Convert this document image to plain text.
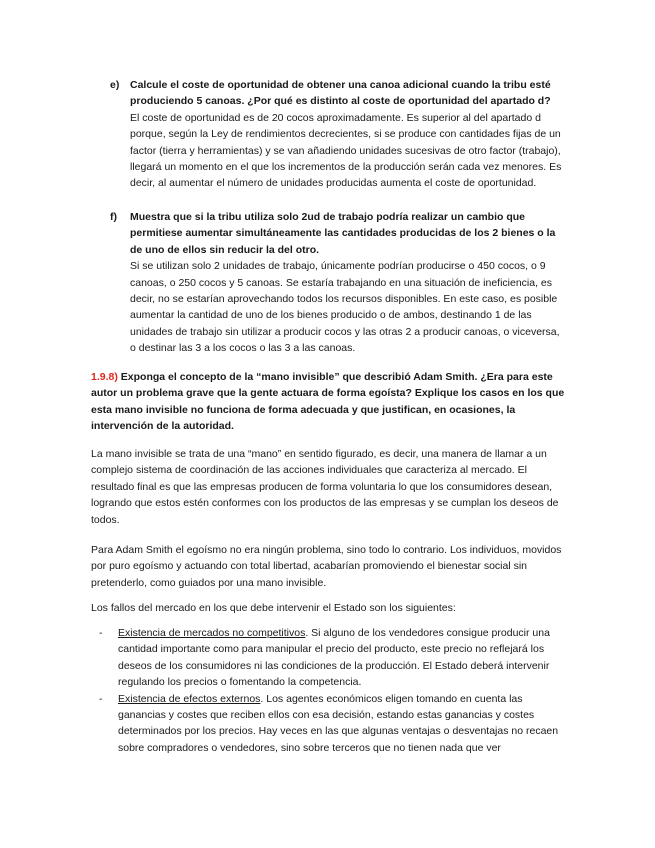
e) Calcule el coste de oportunidad de obtener una canoa adicional cuando la tribu esté produciendo 5 canoas. ¿Por qué es distinto al coste de oportunidad del apartado d?
El coste de oportunidad es de 20 cocos aproximadamente. Es superior al del apartado d porque, según la Ley de rendimientos decrecientes, si se produce con cantidades fijas de un factor (tierra y herramientas) y se van añadiendo unidades sucesivas de otro factor (trabajo), llegará un momento en el que los incrementos de la producción serán cada vez menores. Es decir, al aumentar el número de unidades producidas aumenta el coste de oportunidad.
f) Muestra que si la tribu utiliza solo 2ud de trabajo podría realizar un cambio que permitiese aumentar simultáneamente las cantidades producidas de los 2 bienes o la de uno de ellos sin reducir la del otro.
Si se utilizan solo 2 unidades de trabajo, únicamente podrían producirse o 450 cocos, o 9 canoas, o 250 cocos y 5 canoas. Se estaría trabajando en una situación de ineficiencia, es decir, no se estarían aprovechando todos los recursos disponibles. En este caso, es posible aumentar la cantidad de uno de los bienes producido o de ambos, destinando 1 de las unidades de trabajo sin utilizar a producir cocos y las otras 2 a producir canoas, o viceversa, o destinar las 3 a los cocos o las 3 a las canoas.
1.9.8) Exponga el concepto de la “mano invisible” que describió Adam Smith. ¿Era para este autor un problema grave que la gente actuara de forma egoísta? Explique los casos en los que esta mano invisible no funciona de forma adecuada y que justifican, en ocasiones, la intervención de la autoridad.
La mano invisible se trata de una “mano” en sentido figurado, es decir, una manera de llamar a un complejo sistema de coordinación de las acciones individuales que caracteriza al mercado. El resultado final es que las empresas producen de forma voluntaria lo que los consumidores desean, logrando que estos estén conformes con los productos de las empresas y se cumplan los deseos de todos.
Para Adam Smith el egoísmo no era ningún problema, sino todo lo contrario. Los individuos, movidos por puro egoísmo y actuando con total libertad, acabarían promoviendo el bienestar social sin pretenderlo, como guiados por una mano invisible.
Los fallos del mercado en los que debe intervenir el Estado son los siguientes:
- Existencia de mercados no competitivos. Si alguno de los vendedores consigue producir una cantidad importante como para manipular el precio del producto, este precio no reflejará los deseos de los consumidores ni las condiciones de la producción. El Estado deberá intervenir regulando los precios o fomentando la competencia.
- Existencia de efectos externos. Los agentes económicos eligen tomando en cuenta las ganancias y costes que reciben ellos con esa decisión, estando estas ganancias y costes determinados por los precios. Hay veces en las que algunas ventajas o desventajas no recaen sobre compradores o vendedores, sino sobre terceros que no tienen nada que ver
